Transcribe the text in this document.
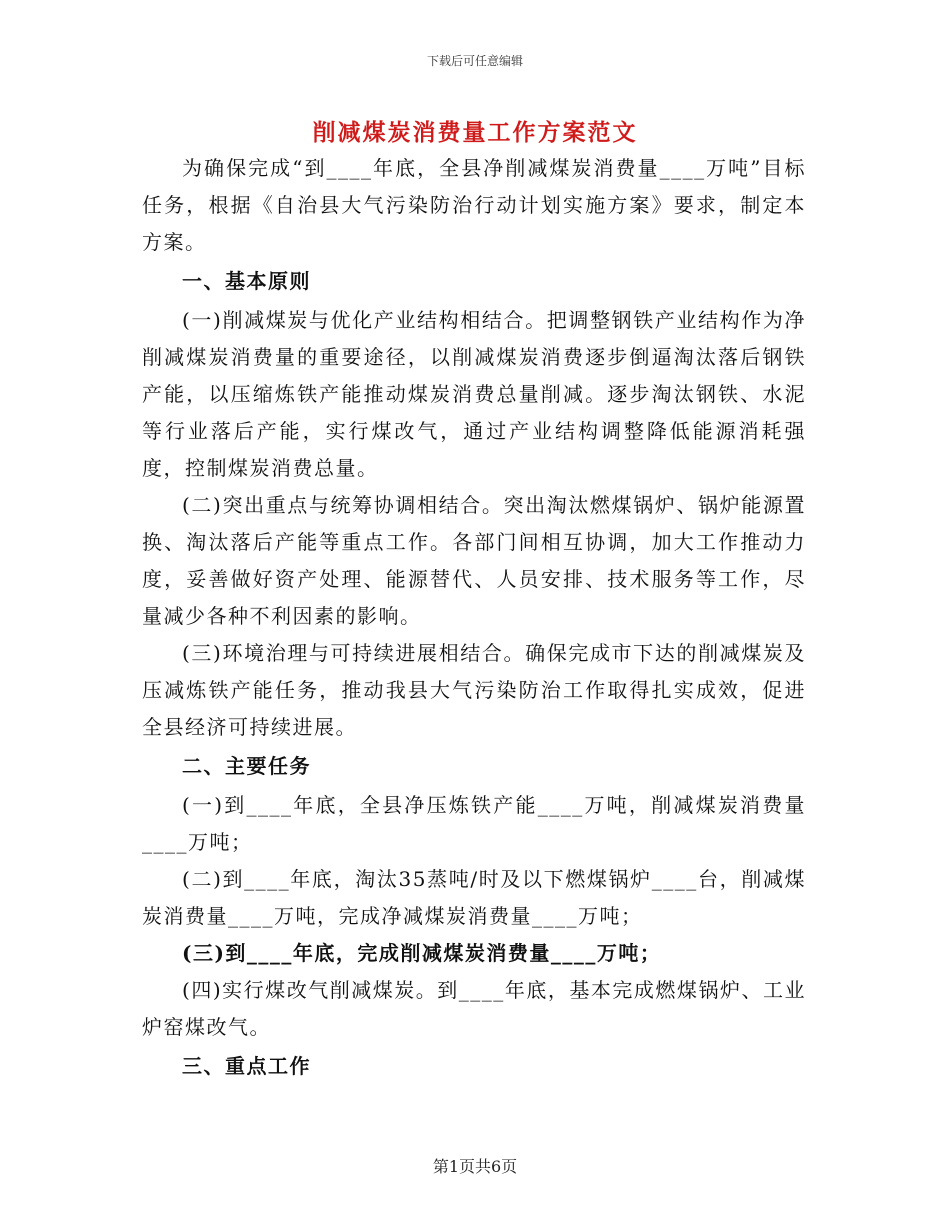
下载后可任意编辑
削减煤炭消费量工作方案范文

为确保完成“到____年底，全县净削减煤炭消费量____万吨”目标任务，根据《自治县大气污染防治行动计划实施方案》要求，制定本方案。

一、基本原则

(一)削减煤炭与优化产业结构相结合。把调整钢铁产业结构作为净削减煤炭消费量的重要途径，以削减煤炭消费逐步倒逼淘汰落后钢铁产能，以压缩炼铁产能推动煤炭消费总量削减。逐步淘汰钢铁、水泥等行业落后产能，实行煤改气，通过产业结构调整降低能源消耗强度，控制煤炭消费总量。

(二)突出重点与统筹协调相结合。突出淘汰燃煤锅炉、锅炉能源置换、淘汰落后产能等重点工作。各部门间相互协调，加大工作推动力度，妥善做好资产处理、能源替代、人员安排、技术服务等工作，尽量减少各种不利因素的影响。

(三)环境治理与可持续进展相结合。确保完成市下达的削减煤炭及压减炼铁产能任务，推动我县大气污染防治工作取得扎实成效，促进全县经济可持续进展。

二、主要任务

(一)到____年底，全县净压炼铁产能____万吨，削减煤炭消费量____万吨；

(二)到____年底，淘汰35蒸吨/时及以下燃煤锅炉____台，削减煤炭消费量____万吨，完成净减煤炭消费量____万吨；

(三)到____年底，完成削减煤炭消费量____万吨；

(四)实行煤改气削减煤炭。到____年底，基本完成燃煤锅炉、工业炉窑煤改气。

三、重点工作

第1页共6页
